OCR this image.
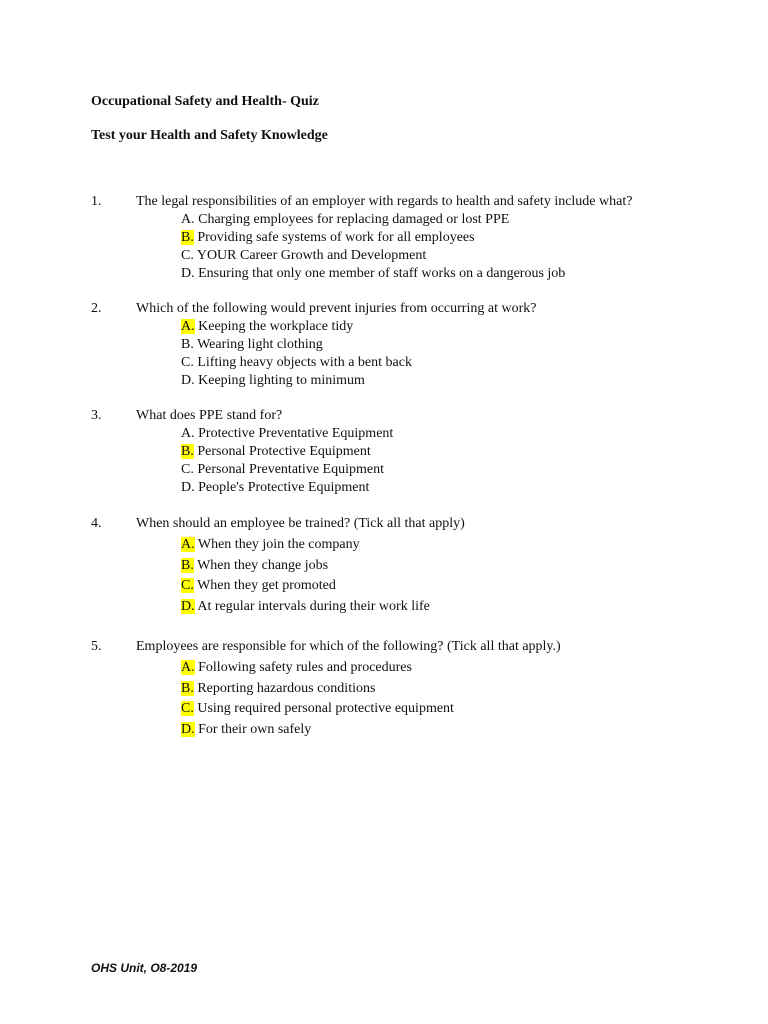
Occupational Safety and Health- Quiz
Test your Health and Safety Knowledge
1. The legal responsibilities of an employer with regards to health and safety include what?
A. Charging employees for replacing damaged or lost PPE
B. Providing safe systems of work for all employees
C. YOUR Career Growth and Development
D. Ensuring that only one member of staff works on a dangerous job
2. Which of the following would prevent injuries from occurring at work?
A. Keeping the workplace tidy
B. Wearing light clothing
C. Lifting heavy objects with a bent back
D. Keeping lighting to minimum
3. What does PPE stand for?
A. Protective Preventative Equipment
B. Personal Protective Equipment
C. Personal Preventative Equipment
D. People's Protective Equipment
4. When should an employee be trained? (Tick all that apply)
A. When they join the company
B. When they change jobs
C. When they get promoted
D. At regular intervals during their work life
5. Employees are responsible for which of the following? (Tick all that apply.)
A. Following safety rules and procedures
B. Reporting hazardous conditions
C. Using required personal protective equipment
D. For their own safely
OHS Unit, O8-2019
